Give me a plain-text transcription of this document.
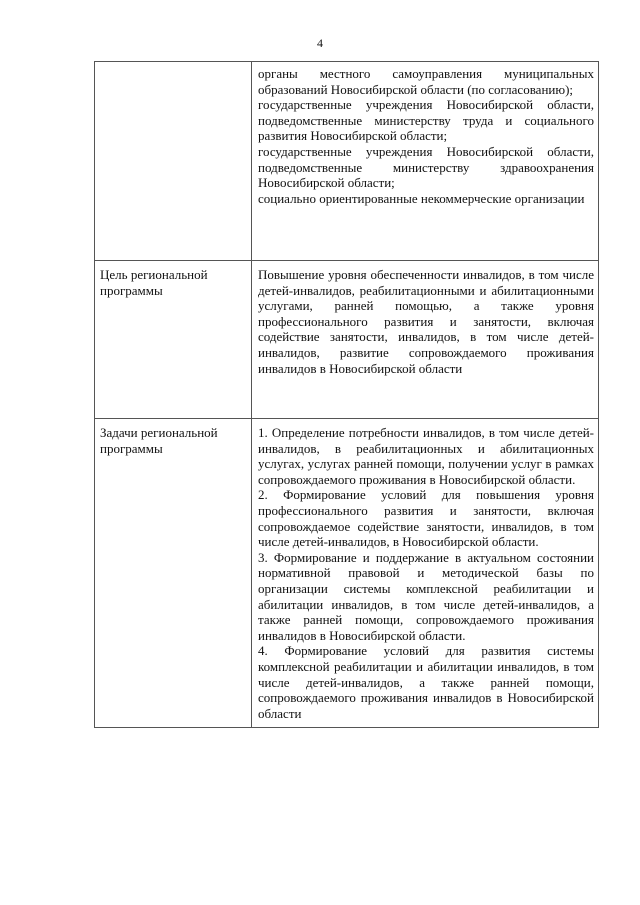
4

	органы местного самоуправления муниципальных образований Новосибирской области (по согласованию);

государственные учреждения Новосибирской области, подведомственные министерству труда и социального развития Новосибирской области;

государственные учреждения Новосибирской области, подведомственные министерству здравоохранения Новосибирской области;

социально ориентированные некоммерческие организации

Цель региональной программы	Повышение уровня обеспеченности инвалидов, в том числе детей-инвалидов, реабилитационными и абилитационными услугами, ранней помощью, а также уровня профессионального развития и занятости, включая содействие занятости, инвалидов, в том числе детей-инвалидов, развитие сопровождаемого проживания инвалидов в Новосибирской области

Задачи региональной программы	1. Определение потребности инвалидов, в том числе детей-инвалидов, в реабилитационных и абилитационных услугах, услугах ранней помощи, получении услуг в рамках сопровождаемого проживания в Новосибирской области.

2. Формирование условий для повышения уровня профессионального развития и занятости, включая сопровождаемое содействие занятости, инвалидов, в том числе детей-инвалидов, в Новосибирской области.

3. Формирование и поддержание в актуальном состоянии нормативной правовой и методической базы по организации системы комплексной реабилитации и абилитации инвалидов, в том числе детей-инвалидов, а также ранней помощи, сопровождаемого проживания инвалидов в Новосибирской области.

4. Формирование условий для развития системы комплексной реабилитации и абилитации инвалидов, в том числе детей-инвалидов, а также ранней помощи, сопровождаемого проживания инвалидов в Новосибирской области
